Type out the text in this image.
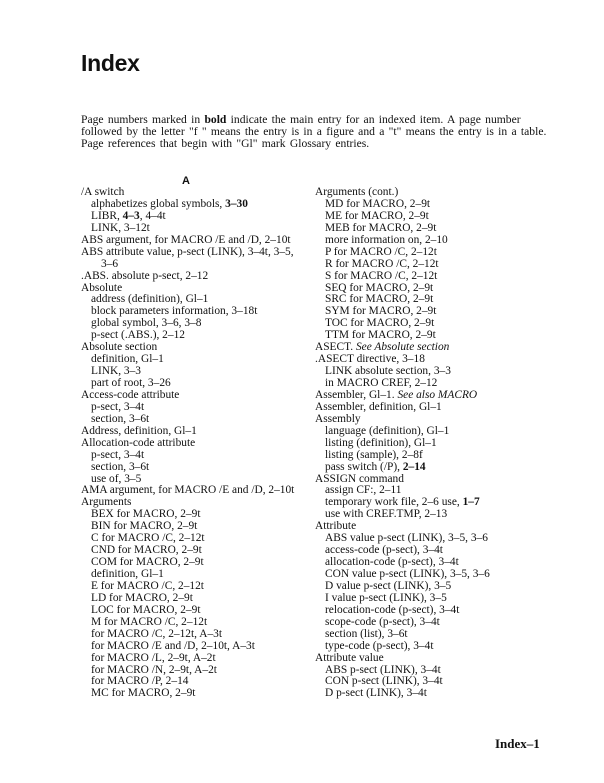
Index
Page numbers marked in bold indicate the main entry for an indexed item. A page number
followed by the letter "f " means the entry is in a figure and a "t" means the entry is in a table.
Page references that begin with "Gl" mark Glossary entries.
A
/A switch
alphabetizes global symbols, 3–30
LIBR, 4–3, 4–4t
LINK, 3–12t
ABS argument, for MACRO /E and /D, 2–10t
ABS attribute value, p-sect (LINK), 3–4t, 3–5,
3–6
.ABS. absolute p-sect, 2–12
Absolute
address (definition), Gl–1
block parameters information, 3–18t
global symbol, 3–6, 3–8
p-sect (.ABS.), 2–12
Absolute section
definition, Gl–1
LINK, 3–3
part of root, 3–26
Access-code attribute
p-sect, 3–4t
section, 3–6t
Address, definition, Gl–1
Allocation-code attribute
p-sect, 3–4t
section, 3–6t
use of, 3–5
AMA argument, for MACRO /E and /D, 2–10t
Arguments
BEX for MACRO, 2–9t
BIN for MACRO, 2–9t
C for MACRO /C, 2–12t
CND for MACRO, 2–9t
COM for MACRO, 2–9t
definition, Gl–1
E for MACRO /C, 2–12t
LD for MACRO, 2–9t
LOC for MACRO, 2–9t
M for MACRO /C, 2–12t
for MACRO /C, 2–12t, A–3t
for MACRO /E and /D, 2–10t, A–3t
for MACRO /L, 2–9t, A–2t
for MACRO /N, 2–9t, A–2t
for MACRO /P, 2–14
MC for MACRO, 2–9t
Arguments (cont.)
MD for MACRO, 2–9t
ME for MACRO, 2–9t
MEB for MACRO, 2–9t
more information on, 2–10
P for MACRO /C, 2–12t
R for MACRO /C, 2–12t
S for MACRO /C, 2–12t
SEQ for MACRO, 2–9t
SRC for MACRO, 2–9t
SYM for MACRO, 2–9t
TOC for MACRO, 2–9t
TTM for MACRO, 2–9t
ASECT. See Absolute section
.ASECT directive, 3–18
LINK absolute section, 3–3
in MACRO CREF, 2–12
Assembler, Gl–1. See also MACRO
Assembler, definition, Gl–1
Assembly
language (definition), Gl–1
listing (definition), Gl–1
listing (sample), 2–8f
pass switch (/P), 2–14
ASSIGN command
assign CF:, 2–11
temporary work file, 2–6 use, 1–7
use with CREF.TMP, 2–13
Attribute
ABS value p-sect (LINK), 3–5, 3–6
access-code (p-sect), 3–4t
allocation-code (p-sect), 3–4t
CON value p-sect (LINK), 3–5, 3–6
D value p-sect (LINK), 3–5
I value p-sect (LINK), 3–5
relocation-code (p-sect), 3–4t
scope-code (p-sect), 3–4t
section (list), 3–6t
type-code (p-sect), 3–4t
Attribute value
ABS p-sect (LINK), 3–4t
CON p-sect (LINK), 3–4t
D p-sect (LINK), 3–4t
Index–1
